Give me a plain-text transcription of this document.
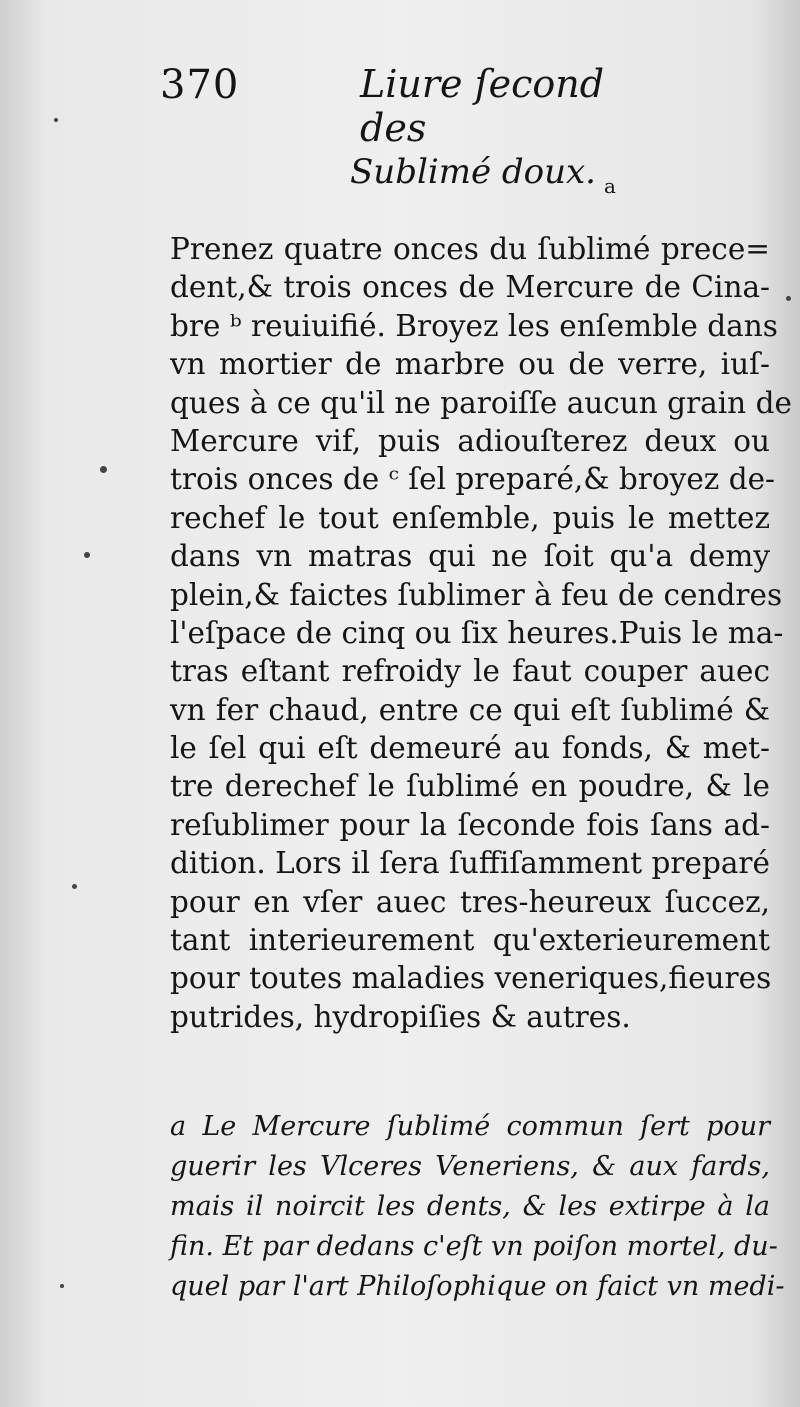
370	Liure ſecond des
Sublimé doux. $_a$
Prenez quatre onces du ſublimé prece=
dent,& trois onces de Mercure de Cina-
bre ᵇ reuiuifié. Broyez les enſemble dans
vn mortier de marbre ou de verre, iuſ-
ques à ce qu'il ne paroiſſe aucun grain de
Mercure vif, puis adiouſterez deux ou
trois onces de ᶜ ſel preparé,& broyez de-
rechef le tout enſemble, puis le mettez
dans vn matras qui ne ſoit qu'a demy
plein,& faictes ſublimer à feu de cendres
l'eſpace de cinq ou ſix heures.Puis le ma-
tras eſtant refroidy le faut couper auec
vn fer chaud, entre ce qui eſt ſublimé &
le ſel qui eſt demeuré au fonds, & met-
tre derechef le ſublimé en poudre, & le
reſublimer pour la ſeconde fois ſans ad-
dition. Lors il ſera ſuffiſamment preparé
pour en vſer auec tres-heureux ſuccez,
tant interieurement qu'exterieurement
pour toutes maladies veneriques,fieures
putrides, hydropiſies & autres.
a Le Mercure ſublimé commun ſert pour
guerir les Vlceres Veneriens, & aux fards,
mais il noircit les dents, & les extirpe à la
fin. Et par dedans c'eſt vn poiſon mortel, du-
quel par l'art Philoſophique on faict vn medi-
